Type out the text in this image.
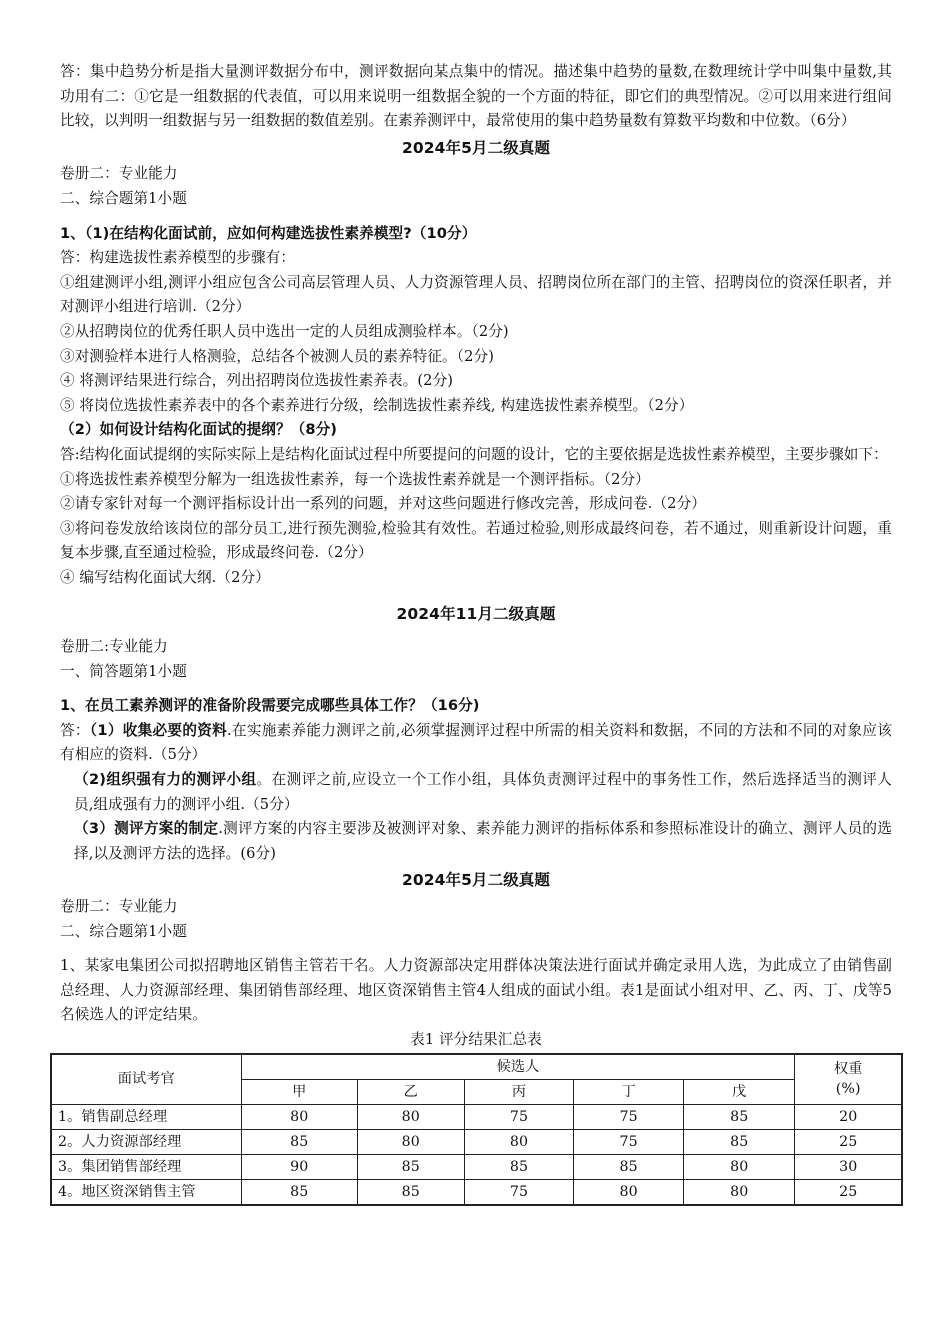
答：集中趋势分析是指大量测评数据分布中，测评数据向某点集中的情况。描述集中趋势的量数,在数理统计学中叫集中量数,其功用有二：①它是一组数据的代表值，可以用来说明一组数据全貌的一个方面的特征，即它们的典型情况。②可以用来进行组间比较，以判明一组数据与另一组数据的数值差别。在素养测评中，最常使用的集中趋势量数有算数平均数和中位数。（6分）

2024年5月二级真题

卷册二：专业能力

二、综合题第1小题

1、（1)在结构化面试前，应如何构建选拔性素养模型?（10分）

答：构建选拔性素养模型的步骤有：

①组建测评小组,测评小组应包含公司高层管理人员、人力资源管理人员、招聘岗位所在部门的主管、招聘岗位的资深任职者，并对测评小组进行培训.（2分）

②从招聘岗位的优秀任职人员中选出一定的人员组成测验样本。（2分)

③对测验样本进行人格测验，总结各个被测人员的素养特征。（2分)

④ 将测评结果进行综合，列出招聘岗位选拔性素养表。(2分)

⑤ 将岗位选拔性素养表中的各个素养进行分级，绘制选拔性素养线, 构建选拔性素养模型。（2分）

（2）如何设计结构化面试的提纲？（8分)

答:结构化面试提纲的实际实际上是结构化面试过程中所要提问的问题的设计，它的主要依据是选拔性素养模型，主要步骤如下：

①将选拔性素养模型分解为一组选拔性素养，每一个选拔性素养就是一个测评指标。（2分）

②请专家针对每一个测评指标设计出一系列的问题，并对这些问题进行修改完善，形成问卷.（2分）

③将问卷发放给该岗位的部分员工,进行预先测验,检验其有效性。若通过检验,则形成最终问卷，若不通过，则重新设计问题，重复本步骤,直至通过检验，形成最终问卷.（2分）

④ 编写结构化面试大纲.（2分）

2024年11月二级真题

卷册二:专业能力

一、简答题第1小题

1、在员工素养测评的准备阶段需要完成哪些具体工作？（16分)

答：（1）收集必要的资料.在实施素养能力测评之前,必须掌握测评过程中所需的相关资料和数据，不同的方法和不同的对象应该有相应的资料.（5分）

（2)组织强有力的测评小组。在测评之前,应设立一个工作小组，具体负责测评过程中的事务性工作，然后选择适当的测评人员,组成强有力的测评小组.（5分）

（3）测评方案的制定.测评方案的内容主要涉及被测评对象、素养能力测评的指标体系和参照标准设计的确立、测评人员的选择,以及测评方法的选择。(6分)

2024年5月二级真题

卷册二：专业能力

二、综合题第1小题

1、某家电集团公司拟招聘地区销售主管若干名。人力资源部决定用群体决策法进行面试并确定录用人选，为此成立了由销售副总经理、人力资源部经理、集团销售部经理、地区资深销售主管4人组成的面试小组。表1是面试小组对甲、乙、丙、丁、戊等5名候选人的评定结果。

表1 评分结果汇总表

面试考官	候选人					权重
(%)
	甲	乙	丙	丁	戊	
1。销售副总经理	80	80	75	75	85	20
2。人力资源部经理	85	80	80	75	85	25
3。集团销售部经理	90	85	85	85	80	30
4。地区资深销售主管	85	85	75	80	80	25
